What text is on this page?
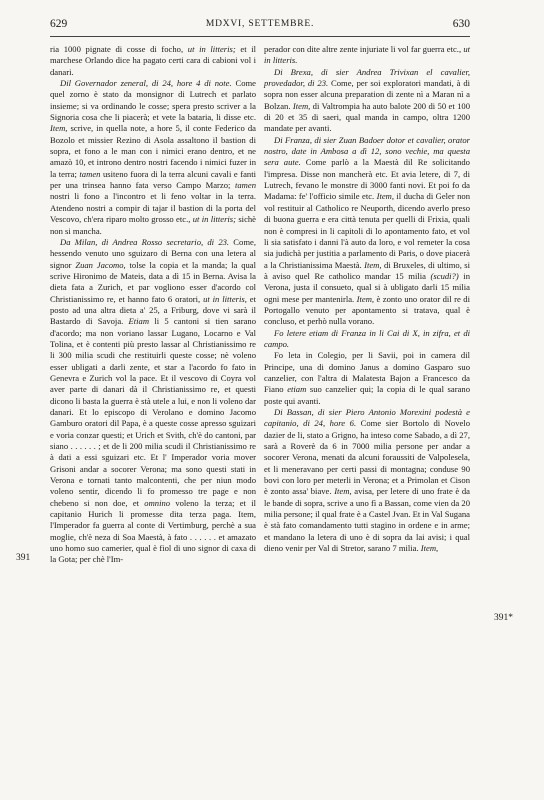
629	MDXVI, SETTEMBRE.	630

ria 1000 pignate di cosse di focho, ut in litteris; et il marchese Orlando dice ha pagato certi cara di cabioni vol i danari.

Dil Governador zeneral, di 24, hore 4 di note. Come quel zorno è stato da monsignor di Lutrech et parlato insieme; si va ordinando le cosse; spera presto scriver a la Signoria cosa che li piacerà; et vete la bataria, li disse etc. Item, scrive, in quella note, a hore 5, il conte Federico da Bozolo et missier Rezino di Asola assaltono il bastion di sopra, et fono a le man con i nimici erano dentro, et ne amazò 10, et introno dentro nostri facendo i nimici fuzer in la terra; tamen usiteno fuora di la terra alcuni cavali e fanti per una trinsea hanno fata verso Campo Marzo; tamen nostri li fono a l'incontro et li feno voltar in la terra. Atendeno nostri a compir di tajar il bastion di la porta del Vescovo, ch'era riparo molto grosso etc., ut in litteris; sichè non si mancha.

Da Milan, di Andrea Rosso secretario, di 23. Come, hessendo venuto uno sguizaro di Berna con una letera al signor Zuan Jacomo, tolse la copia et la manda; la qual scrive Hironimo de Mateis, data a dì 15 in Berna. Avisa la dieta fata a Zurich, et par vogliono esser d'acordo col Christianissimo re, et hanno fato 6 oratori, ut in litteris, et posto ad una altra dieta a' 25, a Friburg, dove vi sarà il Bastardo di Savoja. Etiam li 5 cantoni si tien sarano d'acordo; ma non voriano lassar Lugano, Locarno e Val Tolina, et è contenti più presto lassar al Christianissimo re li 300 milia scudi che restituirli queste cosse; nè voleno esser ubligati a darli zente, et star a l'acordo fo fato in Genevra e Zurich vol la pace. Et il vescovo di Coyra vol aver parte di danari dà il Christianissimo re, et questi dicono li basta la guerra è stà utele a lui, e non li voleno dar danari. Et lo episcopo di Verolano e domino Jacomo Gamburo oratori dil Papa, è a queste cosse apresso sguizari e voria conzar questi; et Urich et Svith, ch'è do cantoni, par siano . . . . . . ; et de li 200 milia scudi il Christianissimo re à dati a essi sguizari etc. Et l' Imperador voria mover Grisoni andar a socorer Verona; ma sono questi stati in Verona e tornati tanto malcontenti, che per niun modo voleno sentir, dicendo li fo promesso tre page e non chebeno si non doe, et omnino voleno la terza; et il capitanio Hurich li promesse dita terza paga. Item, l'Imperador fa guerra al conte di Vertimburg, perchè a sua moglie, ch'è neza di Soa Maestà, à fato . . . . . . et amazato uno homo suo camerier, qual è fiol di uno signor di caxa di la Gota; per chè l'Im-

perador con dite altre zente injuriate li vol far guerra etc., ut in litteris.

Di Brexa, di sier Andrea Trivixan el cavalier, provedador, di 23. Come, per soi exploratori mandati, à di sopra non esser alcuna preparation di zente nì a Maran nì a Bolzan. Item, di Valtrompia ha auto balote 200 di 50 et 100 di 20 et 35 di saeri, qual manda in campo, oltra 1200 mandate per avanti.

Di Franza, di sier Zuan Badoer dotor et cavalier, orator nostro, date in Ambosa a dì 12, sono vechie, ma questa sera aute. Come parlò a la Maestà dil Re solicitando l'impresa. Disse non mancherà etc. Et avia letere, di 7, di Lutrech, fevano le monstre di 3000 fanti novi. Et poi fo da Madama: fe' l'officio simile etc. Item, il ducha di Geler non vol restituir al Catholico re Neuporth, dicendo averlo preso di buona guerra e era città tenuta per quelli di Frixia, quali non è compresi in li capitoli di lo apontamento fato, et vol li sia satisfato i danni l'à auto da loro, e vol remeter la cosa sia judichà per justitia a parlamento di Paris, o dove piacerà a la Christianissima Maestà. Item, di Bruxeles, di ultimo, si à aviso quel Re catholico mandar 15 milia (scudi?) in Verona, justa il consueto, qual si à ubligato darli 15 milia ogni mese per mantenirla. Item, è zonto uno orator dil re di Portogallo venuto per apontamento si tratava, qual è concluso, et perhò nulla vorano.

Fo letere etiam di Franza in li Cai di X, in zifra, et di campo.

Fo leta in Colegio, per li Savii, poi in camera dil Principe, una di domino Janus a domino Gasparo suo canzelier, con l'altra di Malatesta Bajon a Francesco da Fiano etiam suo canzelier qui; la copia di le qual sarano poste qui avanti.

Di Bassan, di sier Piero Antonio Morexini podestà e capitanio, di 24, hore 6. Come sier Bortolo di Novelo dazier de li, stato a Grigno, ha inteso come Sabado, a dì 27, sarà a Roverè da 6 in 7000 milia persone per andar a socorer Verona, menati da alcuni foraussiti de Valpolesela, et li meneravano per certi passi di montagna; conduse 90 bovi con loro per meterli in Verona; et a Primolan et Cison è zonto assa' biave. Item, avisa, per letere di uno frate è da le bande di sopra, scrive a uno fì a Bassan, come vien da 20 milia persone; il qual frate è a Castel Jvan. Et in Val Sugana è stà fato comandamento tutti stagino in ordene e in arme; et mandano la letera di uno è di sopra da lai avisi; i qual dieno venir per Val di Stretor, sarano 7 milia. Item,

391
391*
